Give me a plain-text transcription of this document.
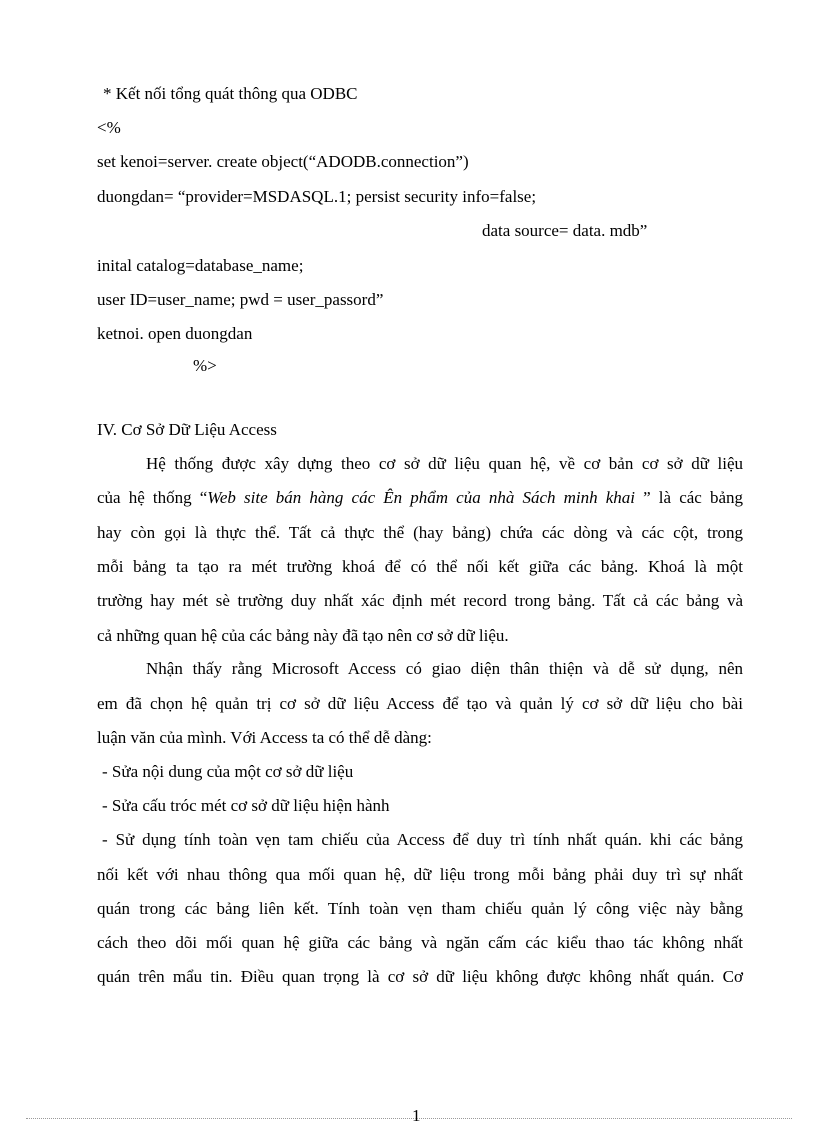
* Kết nối tổng quát thông qua ODBC
<%
set kenoi=server. create object(“ADODB.connection”)
duongdan= “provider=MSDASQL.1; persist security info=false;
data source= data. mdb”
inital catalog=database_name;
user ID=user_name; pwd = user_passord”
ketnoi. open duongdan
%>
IV. Cơ Sở Dữ Liệu Access
Hệ thống được xây dựng theo cơ sở dữ liệu quan hệ, về cơ bản cơ sở dữ liệu
của hệ thống “Web site bán hàng các Ên phẩm của nhà Sách minh khai ” là các bảng
hay còn gọi là thực thể. Tất cả thực thể (hay bảng) chứa các dòng và các cột, trong
mỗi bảng ta tạo ra mét trường khoá để có thể nối kết giữa các bảng. Khoá là một
trường hay mét sè trường duy nhất xác định mét record trong bảng. Tất cả các bảng và
cả những quan hệ của các bảng này đã tạo nên cơ sở dữ liệu.
Nhận thấy rằng Microsoft Access có giao diện thân thiện và dễ sử dụng, nên
em đã chọn hệ quản trị cơ sở dữ liệu Access để tạo và quản lý cơ sở dữ liệu cho bài
luận văn của mình. Với Access ta có thể dễ dàng:
- Sửa nội dung của một cơ sở dữ liệu
- Sửa cấu tróc mét cơ sở dữ liệu hiện hành
- Sử dụng tính toàn vẹn tam chiếu của Access để duy trì tính nhất quán. khi các bảng
nối kết với nhau thông qua mối quan hệ, dữ liệu trong mỗi bảng phải duy trì sự nhất
quán trong các bảng liên kết. Tính toàn vẹn tham chiếu quản lý công việc này bằng
cách theo dõi mối quan hệ giữa các bảng và ngăn cấm các kiểu thao tác không nhất
quán trên mẩu tin. Điều quan trọng là cơ sở dữ liệu không được không nhất quán. Cơ
1
